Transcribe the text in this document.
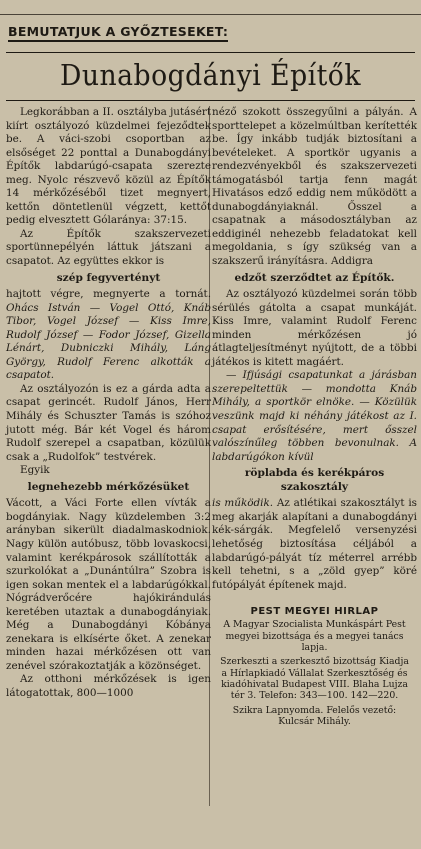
BEMUTATJUK A GYŐZTESEKET:
Dunabogdányi Építők

Legkorábban a II. osztályba jutásért kiírt osztályozó küzdelmei fejeződtek be. A váci-szobi csoportban az elsőséget 22 ponttal a Dunabogdányi Építők labdarúgó-csapata szerezte meg. Nyolc részvevő közül az Építők 14 mérkőzéséből tizet megnyert, kettőn döntetlenül végzett, kettőt pedig elvesztett Gólaránya: 37:15.

Az Építők szakszervezeti sportünnepélyén láttuk játszani a csapatot. Az együttes ekkor is

szép fegyvertényt

hajtott végre, megnyerte a tornát. Ohács István — Vogel Ottó, Knáb Tibor, Vogel József — Kiss Imre, Rudolf József — Fodor József, Gizella Lénárt, Dubniczki Mihály, Láng György, Rudolf Ferenc alkották a csapatot.

Az osztályozón is ez a gárda adta a csapat gerincét. Rudolf János, Herr Mihály és Schuszter Tamás is szóhoz jutott még. Bár két Vogel és három Rudolf szerepel a csapatban, közülük csak a „Rudolfok” testvérek.

Egyik

legnehezebb mérkőzésüket

Vácott, a Váci Forte ellen vívták a bogdányiak. Nagy küzdelemben 3:2 arányban sikerült diadalmaskodniok. Nagy külön autóbusz, több lovaskocsi, valamint kerékpárosok szállították a szurkolókat a „Dunántúlra” Szobra is igen sokan mentek el a labdarúgókkal. Nógrádverőcére hajókirándulás keretében utaztak a dunabogdányiak. Még a Dunabogdányi Kóbánya zenekara is elkísérte őket. A zenekar minden hazai mérkőzésen ott van zenével szórakoztatják a közönséget.

Az otthoni mérkőzések is igen látogatottak, 800—1000

néző szokott összegyűlni a pályán. A sporttelepet a közelmúltban kerítették be. Így inkább tudják biztosítani a bevételeket. A sportkör ugyanis a rendezvényekből és szakszervezeti támogatásból tartja fenn magát Hivatásos edző eddig nem működött a dunabogdányiaknál. Ősszel a csapatnak a másodosztályban az eddiginél nehezebb feladatokat kell megoldania, s így szükség van a szakszerű irányításra. Addigra

edzőt szerződtet az Építők.

Az osztályozó küzdelmei során több sérülés gátolta a csapat munkáját. Kiss Imre, valamint Rudolf Ferenc minden mérkőzésen jó átlagteljesítményt nyújtott, de a többi játékos is kitett magáért.

— Ifjúsági csapatunkat a járásban szerepeltettük — mondotta Knáb Mihály, a sportkör elnöke. — Közülük veszünk majd ki néhány játékost az I. csapat erősítésére, mert ősszel valószínűleg többen bevonulnak. A labdarúgókon kívül

röplabda és kerékpáros szakosztály

is működik. Az atlétikai szakosztályt is meg akarják alapítani a dunabogdányi kék-sárgák. Megfelelő versenyzési lehetőség biztosítása céljából a labdarúgó-pályát tíz méterrel arrébb kell tehetni, s a „zöld gyep” köré futópályát építenek majd.

PEST MEGYEI HIRLAP
A Magyar Szocialista Munkáspárt Pest megyei bizottsága és a megyei tanács lapja.
Szerkeszti a szerkesztő bizottság Kiadja a Hírlapkiadó Vállalat Szerkesztőség és kiadóhivatal Budapest VIII. Blaha Lujza tér 3. Telefon: 343—100. 142—220.
Szikra Lapnyomda. Felelős vezető: Kulcsár Mihály.
